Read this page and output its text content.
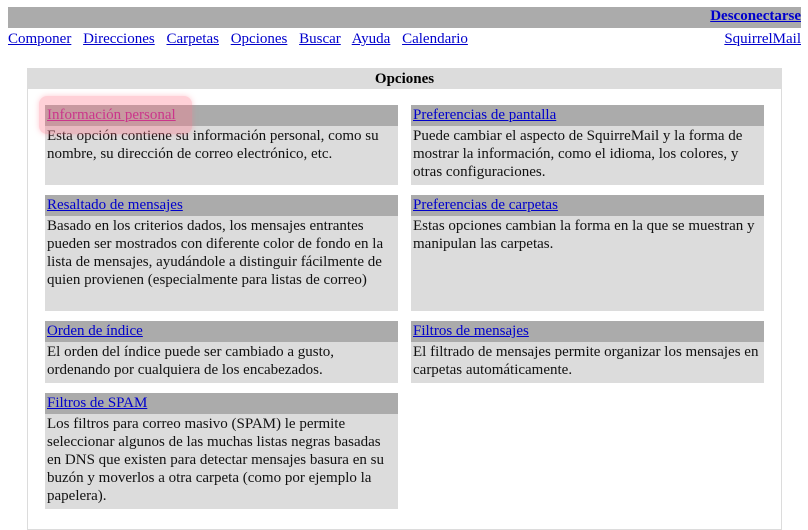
Desconectarse
Componer Direcciones Carpetas Opciones Buscar Ayuda Calendario	SquirrelMail
Opciones
Información personal
Esta opción contiene su información personal, como su nombre, su dirección de correo electrónico, etc.
Preferencias de pantalla
Puede cambiar el aspecto de SquirreMail y la forma de mostrar la información, como el idioma, los colores, y otras configuraciones.
Resaltado de mensajes
Basado en los criterios dados, los mensajes entrantes pueden ser mostrados con diferente color de fondo en la lista de mensajes, ayudándole a distinguir fácilmente de quien provienen (especialmente para listas de correo)
Preferencias de carpetas
Estas opciones cambian la forma en la que se muestran y manipulan las carpetas.
Orden de índice
El orden del índice puede ser cambiado a gusto, ordenando por cualquiera de los encabezados.
Filtros de mensajes
El filtrado de mensajes permite organizar los mensajes en carpetas automáticamente.
Filtros de SPAM
Los filtros para correo masivo (SPAM) le permite seleccionar algunos de las muchas listas negras basadas en DNS que existen para detectar mensajes basura en su buzón y moverlos a otra carpeta (como por ejemplo la papelera).
